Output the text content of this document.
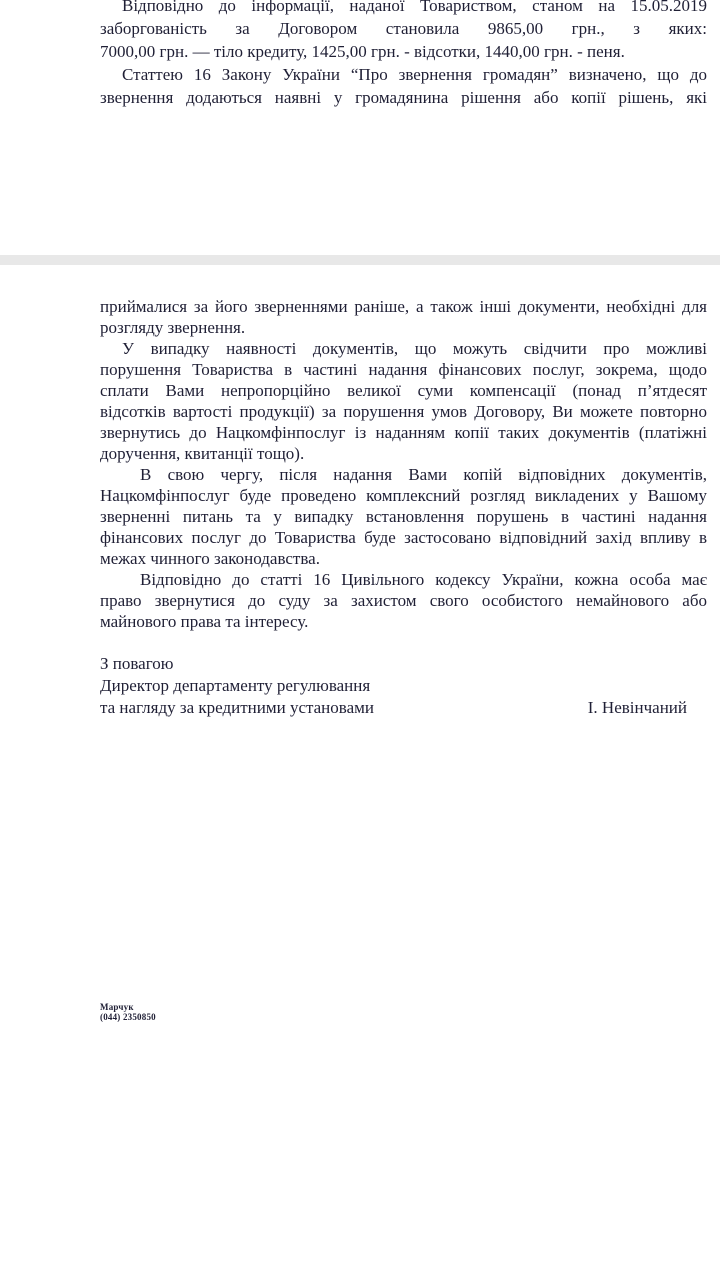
Відповідно до інформації, наданої Товариством, станом на 15.05.2019
заборгованість за Договором становила 9865,00 грн., з яких:
7000,00 грн. — тіло кредиту, 1425,00 грн. - відсотки, 1440,00 грн. - пеня.
Статтею 16 Закону України “Про звернення громадян” визначено, що до
звернення додаються наявні у громадянина рішення або копії рішень, які
приймалися за його зверненнями раніше, а також інші документи, необхідні для
розгляду звернення.
У випадку наявності документів, що можуть свідчити про можливі
порушення Товариства в частині надання фінансових послуг, зокрема, щодо
сплати Вами непропорційно великої суми компенсації (понад п’ятдесят
відсотків вартості продукції) за порушення умов Договору, Ви можете повторно
звернутись до Нацкомфінпослуг із наданням копії таких документів (платіжні
доручення, квитанції тощо).
В свою чергу, після надання Вами копій відповідних документів,
Нацкомфінпослуг буде проведено комплексний розгляд викладених у Вашому
зверненні питань та у випадку встановлення порушень в частині надання
фінансових послуг до Товариства буде застосовано відповідний захід впливу в
межах чинного законодавства.
Відповідно до статті 16 Цивільного кодексу України, кожна особа має
право звернутися до суду за захистом свого особистого немайнового або
майнового права та інтересу.
З повагою
Директор департаменту регулювання
та нагляду за кредитними установами	І. Невінчаний
Марчук
(044) 2350850
